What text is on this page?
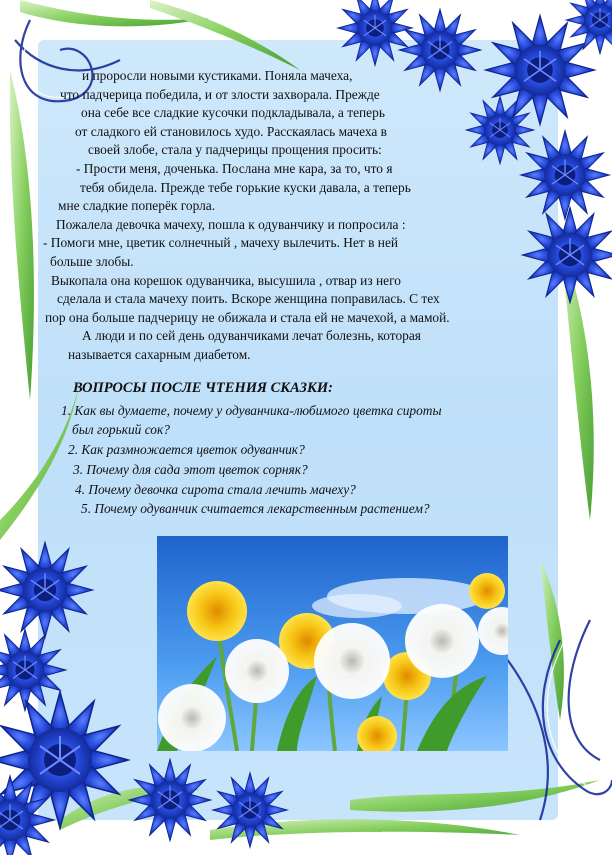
и проросли новыми кустиками. Поняла мачеха,
что падчерица победила, и от злости захворала. Прежде
она себе все сладкие кусочки подкладывала, а теперь
от сладкого ей становилось худо. Расскаялась мачеха в
своей злобе, стала у падчерицы прощения просить:
- Прости меня, доченька. Послана мне кара, за то, что я
тебя обидела. Прежде тебе горькие куски давала, а теперь
мне сладкие поперёк горла.
Пожалела девочка мачеху, пошла к одуванчику и попросила :
- Помоги мне, цветик солнечный , мачеху вылечить. Нет в ней
больше злобы.
Выкопала она корешок одуванчика, высушила , отвар из него
сделала и стала мачеху поить. Вскоре женщина поправилась. С тех
пор она больше падчерицу не обижала и стала ей не мачехой, а мамой.
А люди и по сей день одуванчиками лечат болезнь, которая
называется сахарным диабетом.
ВОПРОСЫ ПОСЛЕ ЧТЕНИЯ СКАЗКИ:
1. Как вы думаете, почему у одуванчика-любимого цветка сироты
был горький сок?
2. Как размножается цветок одуванчик?
3. Почему для сада этот цветок сорняк?
4. Почему девочка сирота стала лечить мачеху?
5. Почему одуванчик считается лекарственным растением?
